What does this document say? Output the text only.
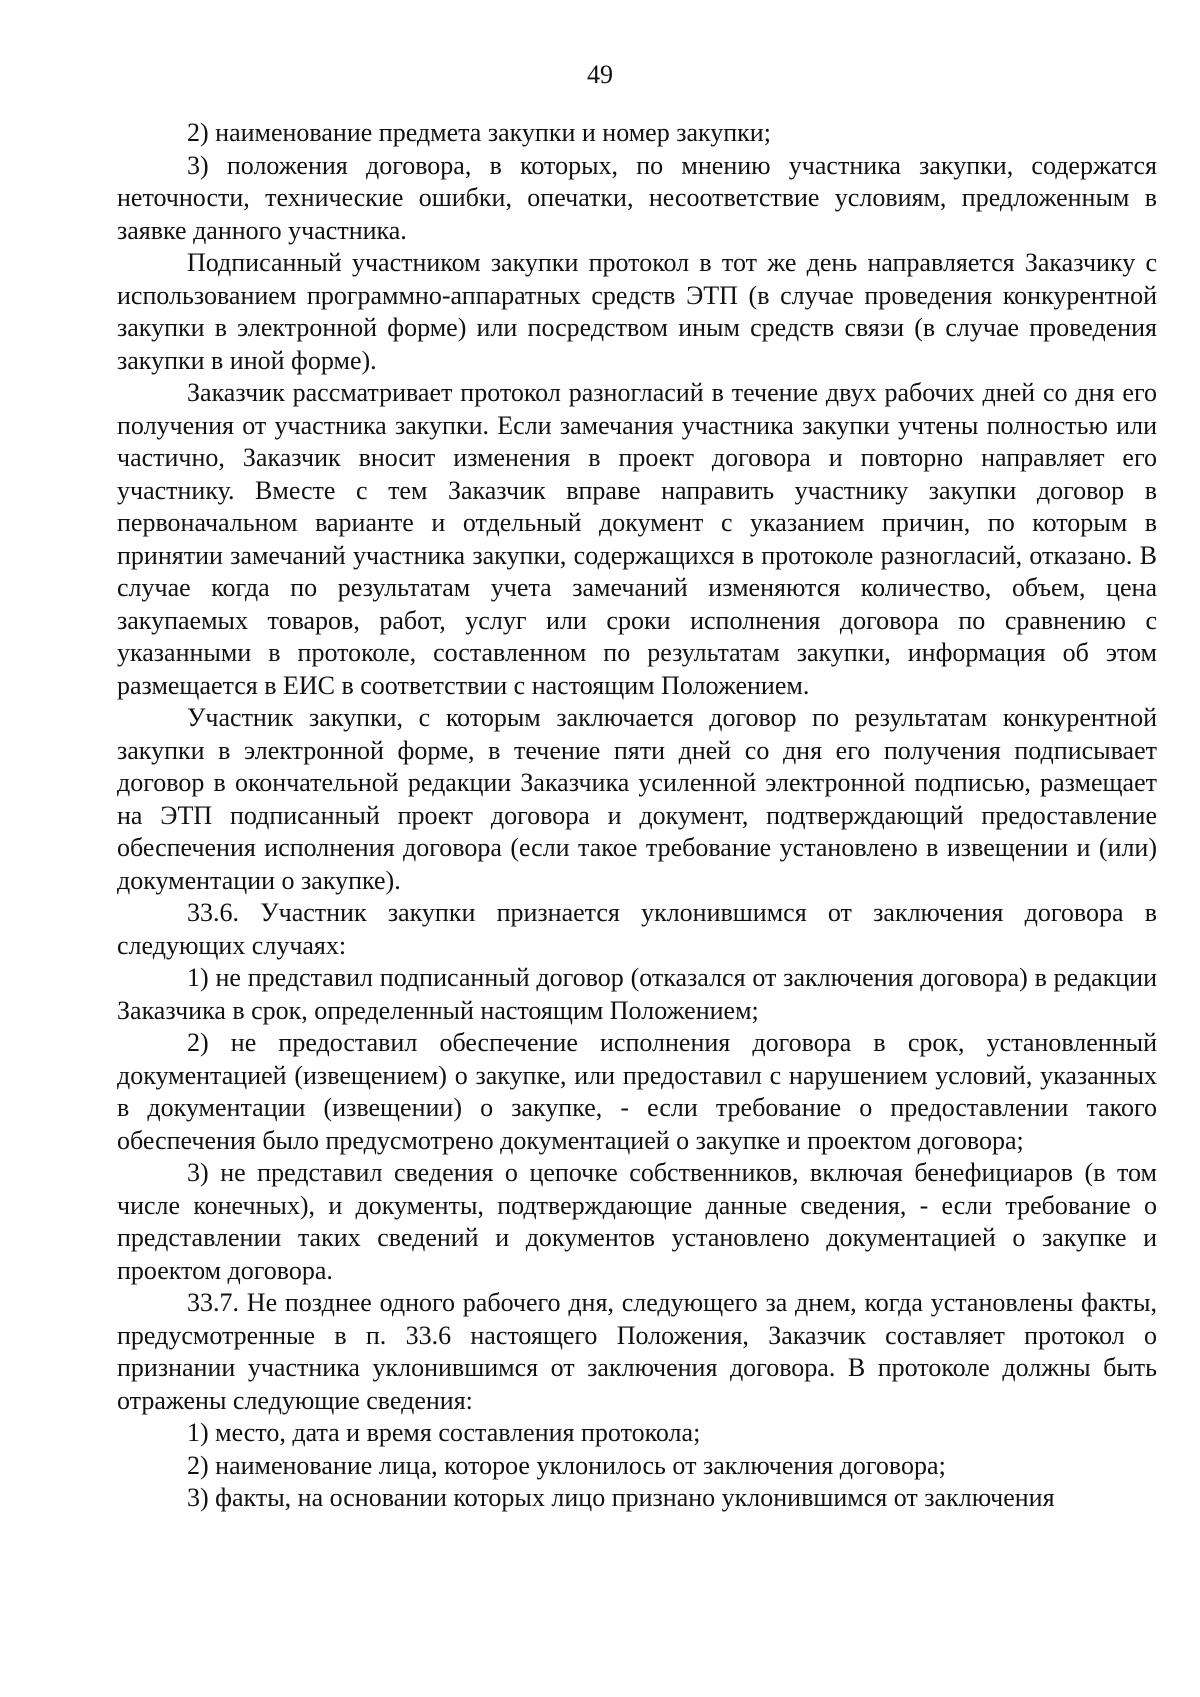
49

2) наименование предмета закупки и номер закупки;

3) положения договора, в которых, по мнению участника закупки, содержатся неточности, технические ошибки, опечатки, несоответствие условиям, предложенным в заявке данного участника.

Подписанный участником закупки протокол в тот же день направляется Заказчику с использованием программно-аппаратных средств ЭТП (в случае проведения конкурентной закупки в электронной форме) или посредством иным средств связи (в случае проведения закупки в иной форме).

Заказчик рассматривает протокол разногласий в течение двух рабочих дней со дня его получения от участника закупки. Если замечания участника закупки учтены полностью или частично, Заказчик вносит изменения в проект договора и повторно направляет его участнику. Вместе с тем Заказчик вправе направить участнику закупки договор в первоначальном варианте и отдельный документ с указанием причин, по которым в принятии замечаний участника закупки, содержащихся в протоколе разногласий, отказано. В случае когда по результатам учета замечаний изменяются количество, объем, цена закупаемых товаров, работ, услуг или сроки исполнения договора по сравнению с указанными в протоколе, составленном по результатам закупки, информация об этом размещается в ЕИС в соответствии с настоящим Положением.

Участник закупки, с которым заключается договор по результатам конкурентной закупки в электронной форме, в течение пяти дней со дня его получения подписывает договор в окончательной редакции Заказчика усиленной электронной подписью, размещает на ЭТП подписанный проект договора и документ, подтверждающий предоставление обеспечения исполнения договора (если такое требование установлено в извещении и (или) документации о закупке).

33.6. Участник закупки признается уклонившимся от заключения договора в следующих случаях:

1) не представил подписанный договор (отказался от заключения договора) в редакции Заказчика в срок, определенный настоящим Положением;

2) не предоставил обеспечение исполнения договора в срок, установленный документацией (извещением) о закупке, или предоставил с нарушением условий, указанных в документации (извещении) о закупке, - если требование о предоставлении такого обеспечения было предусмотрено документацией о закупке и проектом договора;

3) не представил сведения о цепочке собственников, включая бенефициаров (в том числе конечных), и документы, подтверждающие данные сведения, - если требование о представлении таких сведений и документов установлено документацией о закупке и проектом договора.

33.7. Не позднее одного рабочего дня, следующего за днем, когда установлены факты, предусмотренные в п. 33.6 настоящего Положения, Заказчик составляет протокол о признании участника уклонившимся от заключения договора. В протоколе должны быть отражены следующие сведения:

1) место, дата и время составления протокола;

2) наименование лица, которое уклонилось от заключения договора;

3) факты, на основании которых лицо признано уклонившимся от заключения
